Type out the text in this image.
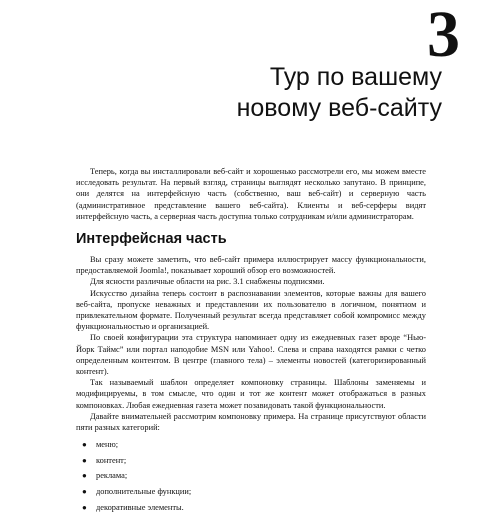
3
Тур по вашему
новому веб-сайту

Теперь, когда вы инсталлировали веб-сайт и хорошенько рассмотрели его, мы можем вместе исследовать результат. На первый взгляд, страницы выглядят несколько запутано. В принципе, они делятся на интерфейсную часть (собственно, ваш веб-сайт) и серверную часть (административное представление вашего веб-сайта). Клиенты и веб-серферы видят интерфейсную часть, а серверная часть доступна только сотрудникам и/или администраторам.

Интерфейсная часть

Вы сразу можете заметить, что веб-сайт примера иллюстрирует массу функциональности, предоставляемой Joomla!, показывает хороший обзор его возможностей.

Для ясности различные области на рис. 3.1 снабжены подписями.

Искусство дизайна теперь состоит в распознавании элементов, которые важны для вашего веб-сайта, пропуске неважных и представлении их пользователю в логичном, понятном и привлекательном формате. Полученный результат всегда представляет собой компромисс между функциональностью и организацией.

По своей конфигурации эта структура напоминает одну из ежедневных газет вроде “Нью-Йорк Таймс” или портал наподобие MSN или Yahoo!. Слева и справа находятся рамки с четко определенным контентом. В центре (главного тела) – элементы новостей (категоризированный контент).

Так называемый шаблон определяет компоновку страницы. Шаблоны заменяемы и модифицируемы, в том смысле, что один и тот же контент может отображаться в разных компоновках. Любая ежедневная газета может позавидовать такой функциональности.

Давайте внимательней рассмотрим компоновку примера. На странице присутствуют области пяти разных категорий:

● меню;
● контент;
● реклама;
● дополнительные функции;
● декоративные элементы.
